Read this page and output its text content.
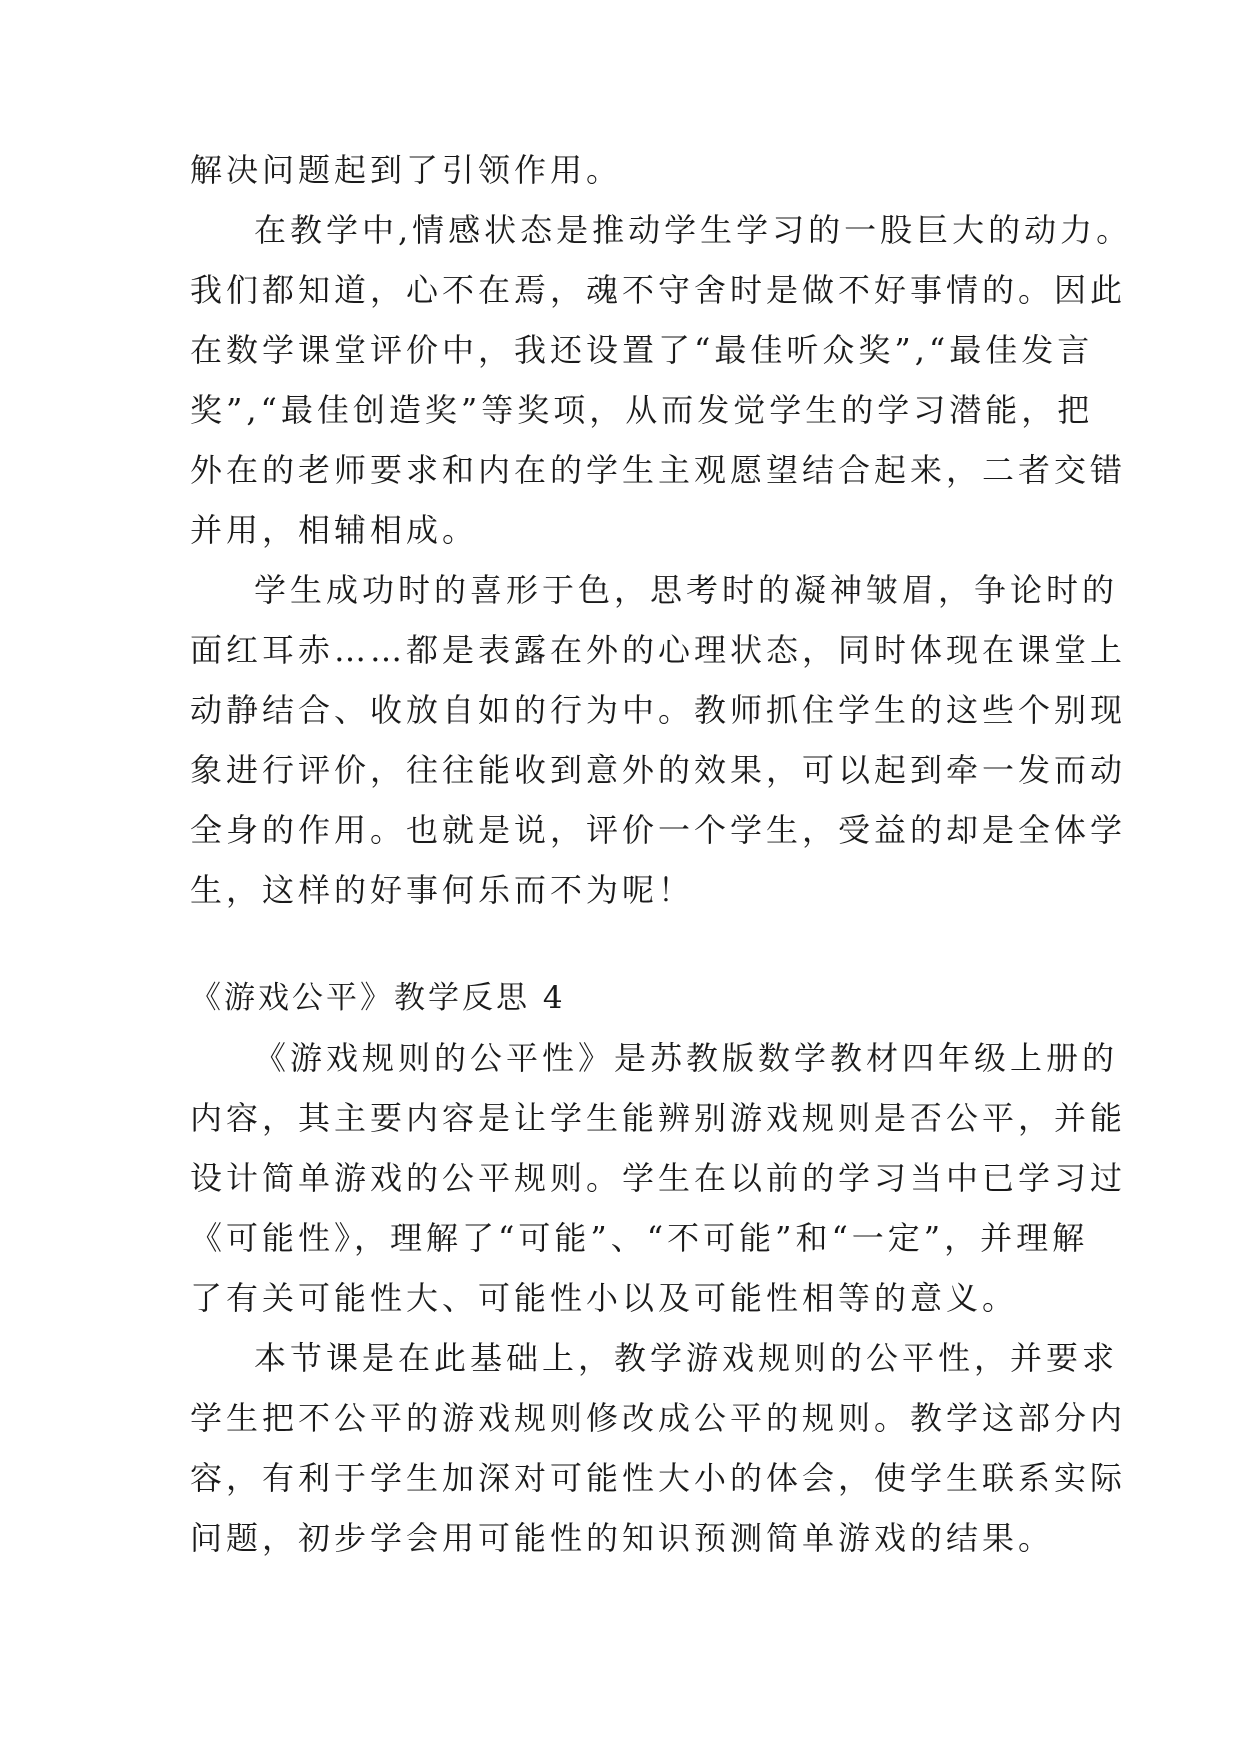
解决问题起到了引领作用。
在教学中,情感状态是推动学生学习的一股巨大的动力。
我们都知道，心不在焉，魂不守舍时是做不好事情的。因此
在数学课堂评价中，我还设置了“最佳听众奖”,“最佳发言
奖”,“最佳创造奖”等奖项，从而发觉学生的学习潜能，把
外在的老师要求和内在的学生主观愿望结合起来，二者交错
并用，相辅相成。
学生成功时的喜形于色，思考时的凝神皱眉，争论时的
面红耳赤……都是表露在外的心理状态，同时体现在课堂上
动静结合、收放自如的行为中。教师抓住学生的这些个别现
象进行评价，往往能收到意外的效果，可以起到牵一发而动
全身的作用。也就是说，评价一个学生，受益的却是全体学
生，这样的好事何乐而不为呢！
《游戏公平》教学反思 4
《游戏规则的公平性》是苏教版数学教材四年级上册的
内容，其主要内容是让学生能辨别游戏规则是否公平，并能
设计简单游戏的公平规则。学生在以前的学习当中已学习过
《可能性》，理解了“可能”、“不可能”和“一定”，并理解
了有关可能性大、可能性小以及可能性相等的意义。
本节课是在此基础上，教学游戏规则的公平性，并要求
学生把不公平的游戏规则修改成公平的规则。教学这部分内
容，有利于学生加深对可能性大小的体会，使学生联系实际
问题，初步学会用可能性的知识预测简单游戏的结果。
